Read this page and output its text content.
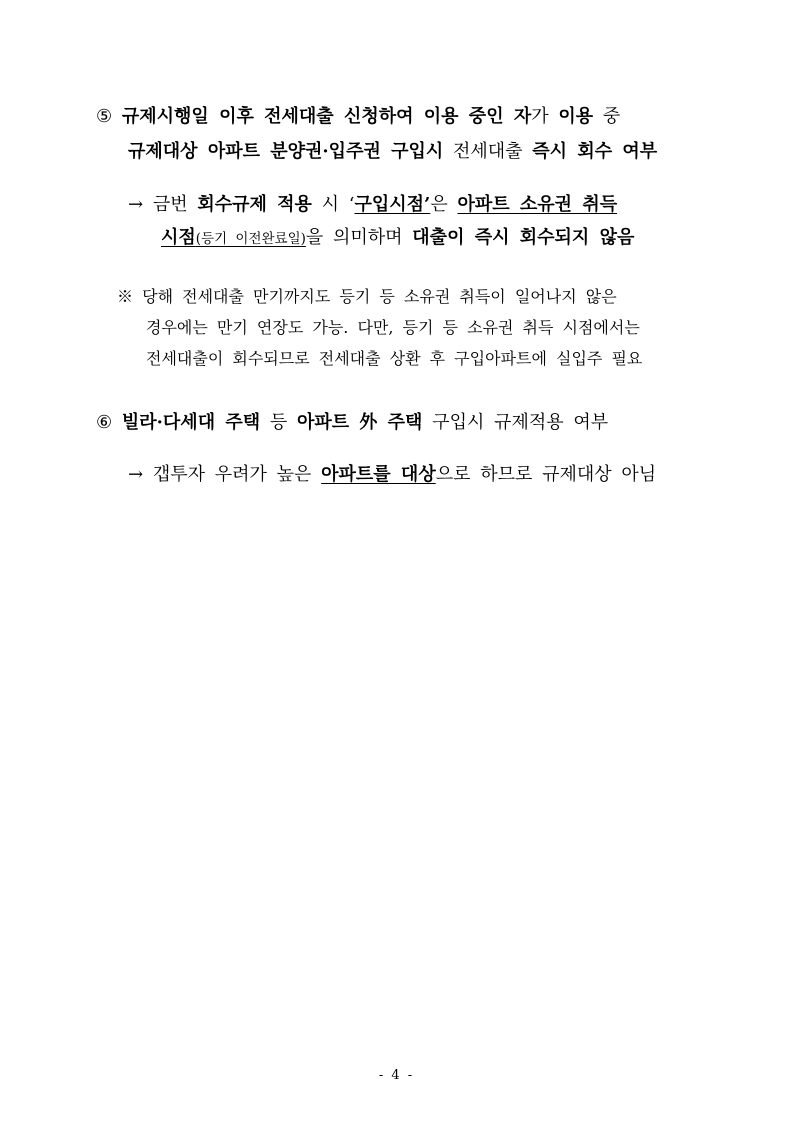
⑤ 규제시행일 이후 전세대출 신청하여 이용 중인 자가 이용 중
규제대상 아파트 분양권·입주권 구입시 전세대출 즉시 회수 여부
→ 금번 회수규제 적용 시 ‘구입시점’은 아파트 소유권 취득
시점(등기 이전완료일)을 의미하며 대출이 즉시 회수되지 않음
※ 당해 전세대출 만기까지도 등기 등 소유권 취득이 일어나지 않은
경우에는 만기 연장도 가능. 다만, 등기 등 소유권 취득 시점에서는
전세대출이 회수되므로 전세대출 상환 후 구입아파트에 실입주 필요
⑥ 빌라·다세대 주택 등 아파트 外 주택 구입시 규제적용 여부
→ 갭투자 우려가 높은 아파트를 대상으로 하므로 규제대상 아님
- 4 -
